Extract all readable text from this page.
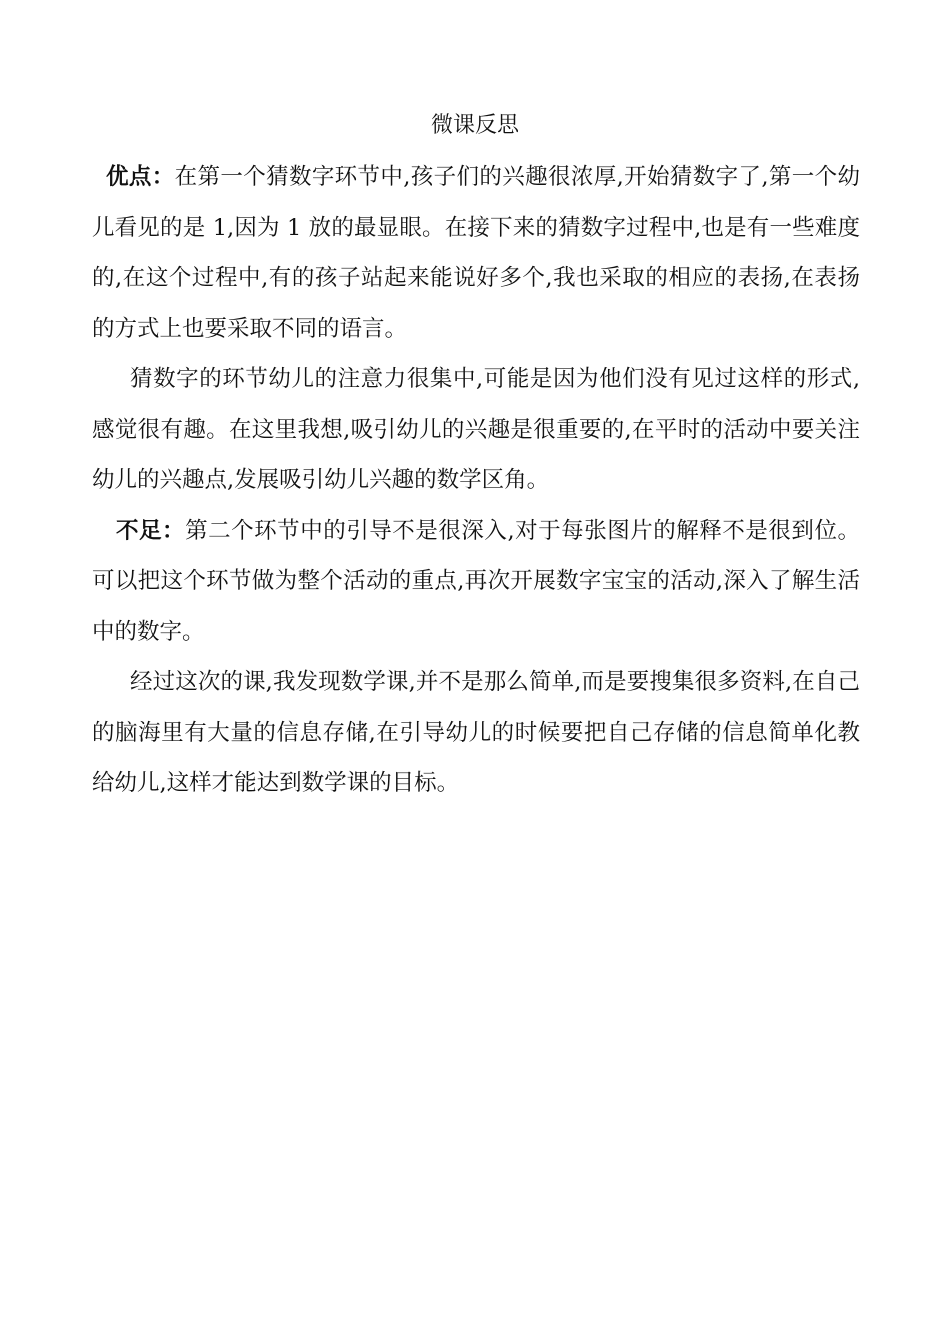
微课反思

优点：在第一个猜数字环节中,孩子们的兴趣很浓厚,开始猜数字了,第一个幼儿看见的是 1,因为 1 放的最显眼。在接下来的猜数字过程中,也是有一些难度的,在这个过程中,有的孩子站起来能说好多个,我也采取的相应的表扬,在表扬的方式上也要采取不同的语言。

猜数字的环节幼儿的注意力很集中,可能是因为他们没有见过这样的形式,感觉很有趣。在这里我想,吸引幼儿的兴趣是很重要的,在平时的活动中要关注幼儿的兴趣点,发展吸引幼儿兴趣的数学区角。

不足：第二个环节中的引导不是很深入,对于每张图片的解释不是很到位。可以把这个环节做为整个活动的重点,再次开展数字宝宝的活动,深入了解生活中的数字。

经过这次的课,我发现数学课,并不是那么简单,而是要搜集很多资料,在自己的脑海里有大量的信息存储,在引导幼儿的时候要把自己存储的信息简单化教给幼儿,这样才能达到数学课的目标。
